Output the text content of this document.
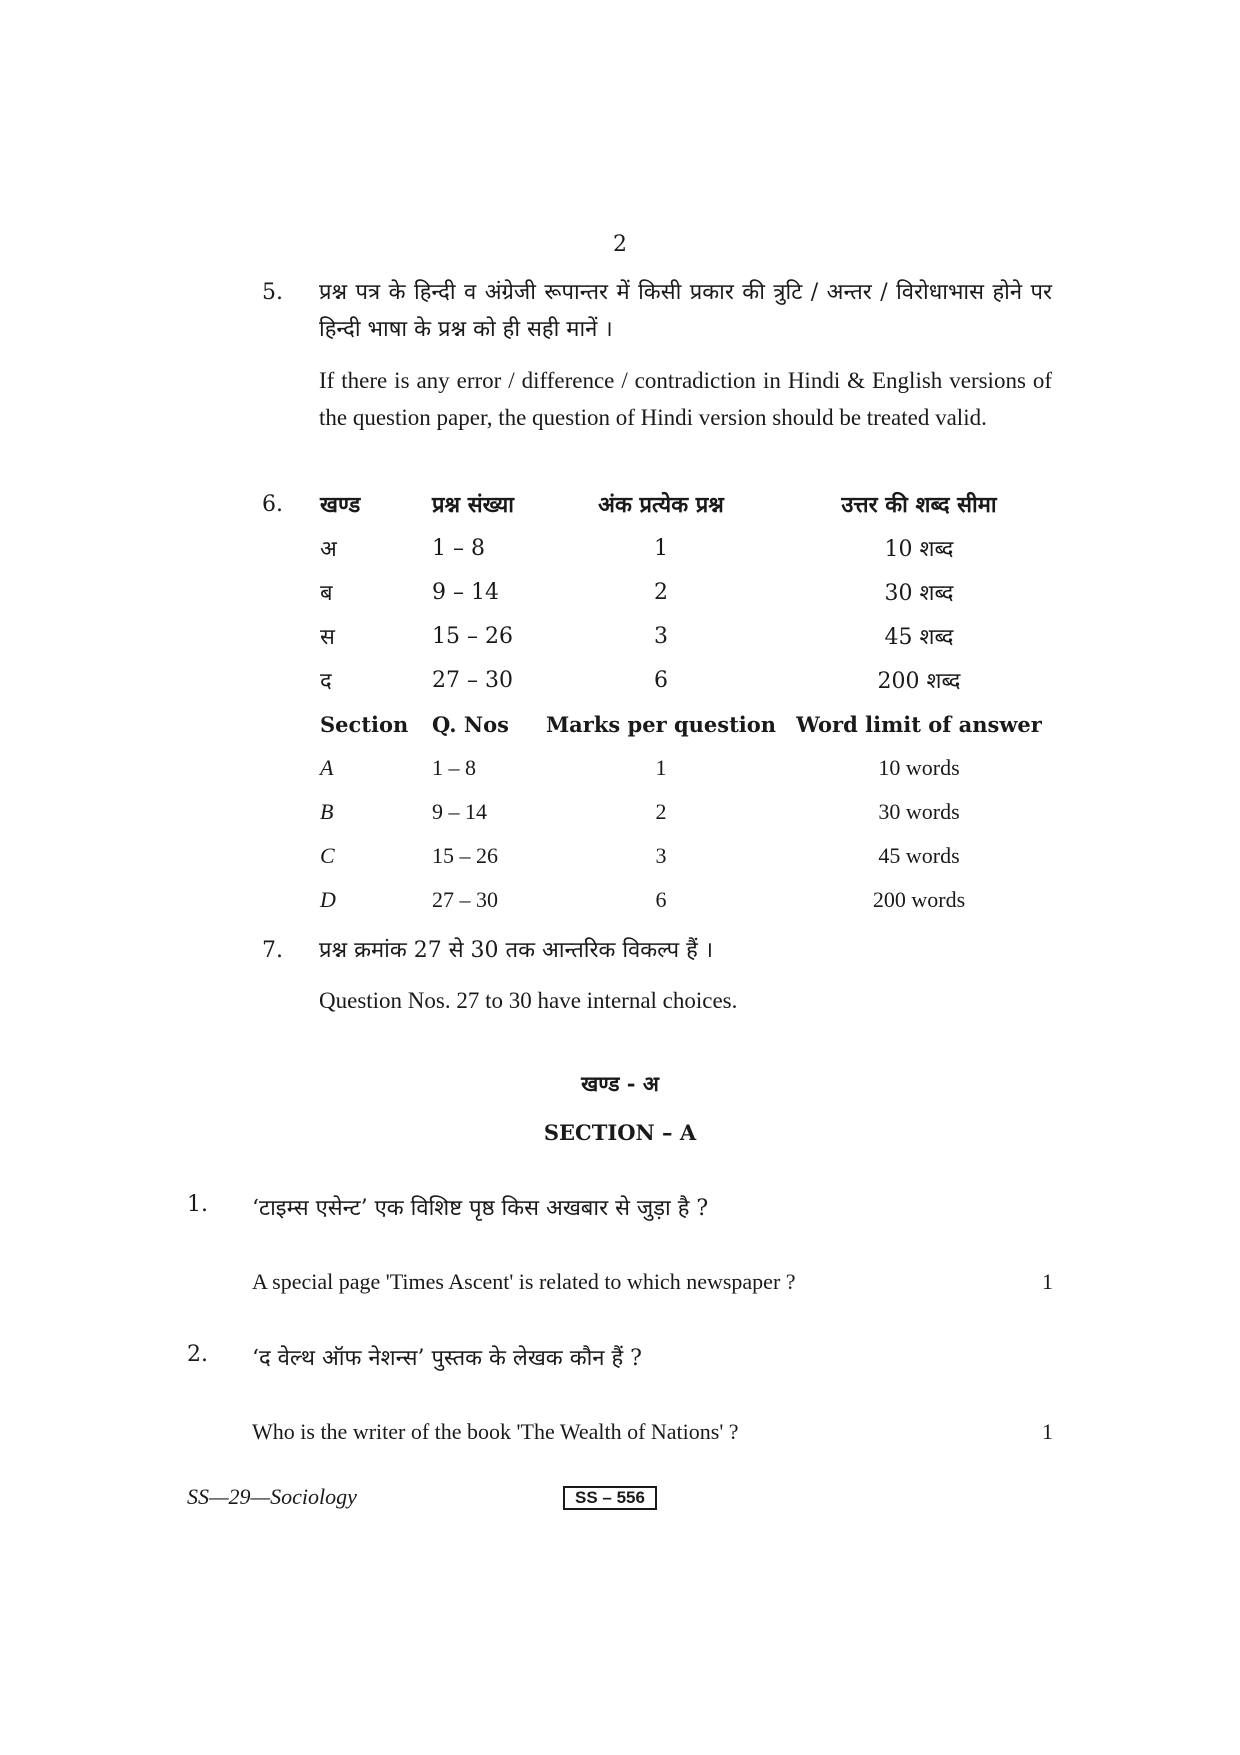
2
5.	प्रश्न पत्र के हिन्दी व अंग्रेजी रूपान्तर में किसी प्रकार की त्रुटि / अन्तर / विरोधाभास होने पर हिन्दी भाषा के प्रश्न को ही सही मानें ।
If there is any error / difference / contradiction in Hindi & English versions of the question paper, the question of Hindi version should be treated valid.
6.	खण्ड	प्रश्न संख्या	अंक प्रत्येक प्रश्न	उत्तर की शब्द सीमा
अ	1 – 8	1	10 शब्द
ब	9 – 14	2	30 शब्द
स	15 – 26	3	45 शब्द
द	27 – 30	6	200 शब्द
Section	Q. Nos	Marks per question	Word limit of answer
A	1 – 8	1	10 words
B	9 – 14	2	30 words
C	15 – 26	3	45 words
D	27 – 30	6	200 words
7.	प्रश्न क्रमांक 27 से 30 तक आन्तरिक विकल्प हैं ।
Question Nos. 27 to 30 have internal choices.
खण्ड - अ
SECTION – A
1. ‘टाइम्स एसेन्ट’ एक विशिष्ट पृष्ठ किस अखबार से जुड़ा है ?
A special page 'Times Ascent' is related to which newspaper ?	1
2. ‘द वेल्थ ऑफ नेशन्स’ पुस्तक के लेखक कौन हैं ?
Who is the writer of the book 'The Wealth of Nations' ?	1
SS—29—Sociology	SS – 556
